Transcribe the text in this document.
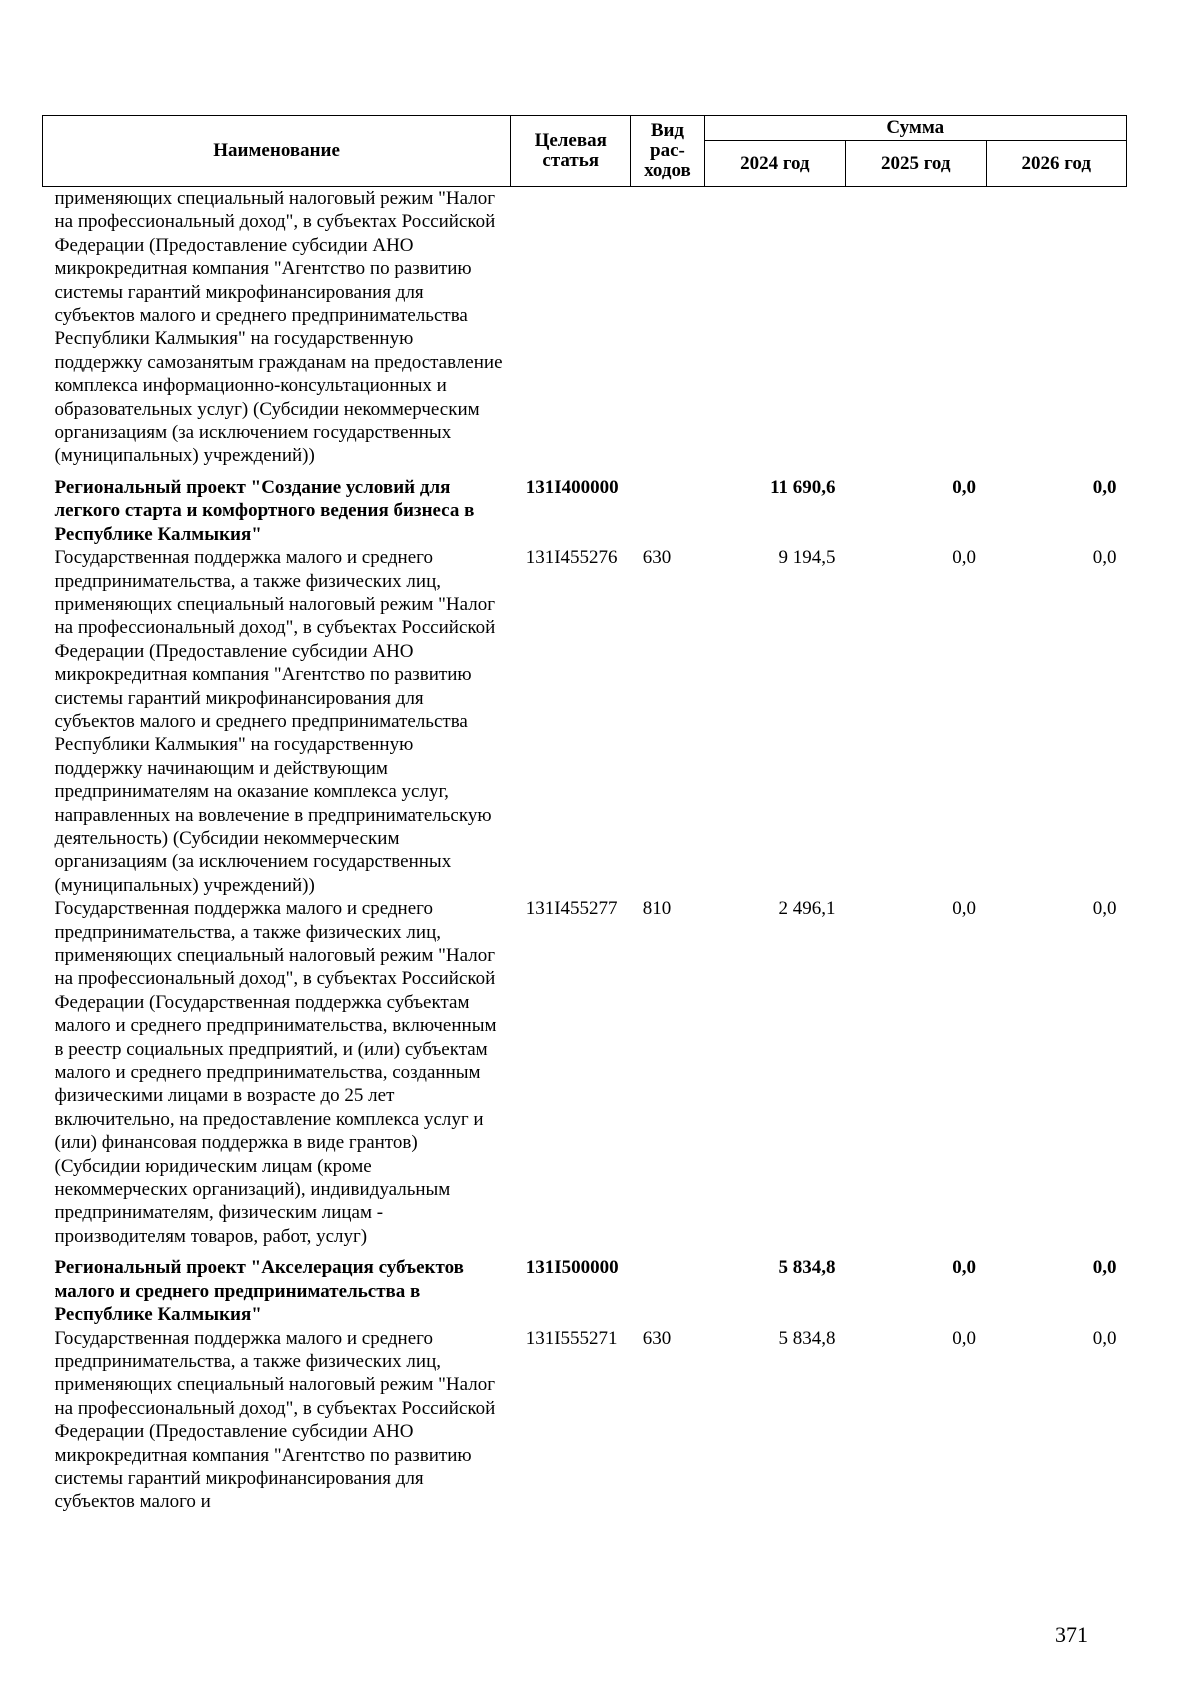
Наименование	Целевая статья	Вид рас-ходов	Сумма		
			2024 год	2025 год	2026 год
применяющих специальный налоговый режим "Налог на профессиональный доход", в субъектах Российской Федерации (Предоставление субсидии АНО микрокредитная компания "Агентство по развитию системы гарантий микрофинансирования для субъектов малого и среднего предпринимательства Республики Калмыкия" на государственную поддержку самозанятым гражданам на предоставление комплекса информационно-консультационных и образовательных услуг) (Субсидии некоммерческим организациям (за исключением государственных (муниципальных) учреждений))					
Региональный проект "Создание условий для легкого старта и комфортного ведения бизнеса в Республике Калмыкия"	131I400000		11 690,6	0,0	0,0
Государственная поддержка малого и среднего предпринимательства, а также физических лиц, применяющих специальный налоговый режим "Налог на профессиональный доход", в субъектах Российской Федерации (Предоставление субсидии АНО микрокредитная компания "Агентство по развитию системы гарантий микрофинансирования для субъектов малого и среднего предпринимательства Республики Калмыкия" на государственную поддержку начинающим и действующим предпринимателям на оказание комплекса услуг, направленных на вовлечение в предпринимательскую деятельность) (Субсидии некоммерческим организациям (за исключением государственных (муниципальных) учреждений))	131I455276	630	9 194,5	0,0	0,0
Государственная поддержка малого и среднего предпринимательства, а также физических лиц, применяющих специальный налоговый режим "Налог на профессиональный доход", в субъектах Российской Федерации (Государственная поддержка субъектам малого и среднего предпринимательства, включенным в реестр социальных предприятий, и (или) субъектам малого и среднего предпринимательства, созданным физическими лицами в возрасте до 25 лет включительно, на предоставление комплекса услуг и (или) финансовая поддержка в виде грантов) (Субсидии юридическим лицам (кроме некоммерческих организаций), индивидуальным предпринимателям, физическим лицам - производителям товаров, работ, услуг)	131I455277	810	2 496,1	0,0	0,0
Региональный проект "Акселерация субъектов малого и среднего предпринимательства в Республике Калмыкия"	131I500000		5 834,8	0,0	0,0
Государственная поддержка малого и среднего предпринимательства, а также физических лиц, применяющих специальный налоговый режим "Налог на профессиональный доход", в субъектах Российской Федерации (Предоставление субсидии АНО микрокредитная компания "Агентство по развитию системы гарантий микрофинансирования для субъектов малого и	131I555271	630	5 834,8	0,0	0,0
371
